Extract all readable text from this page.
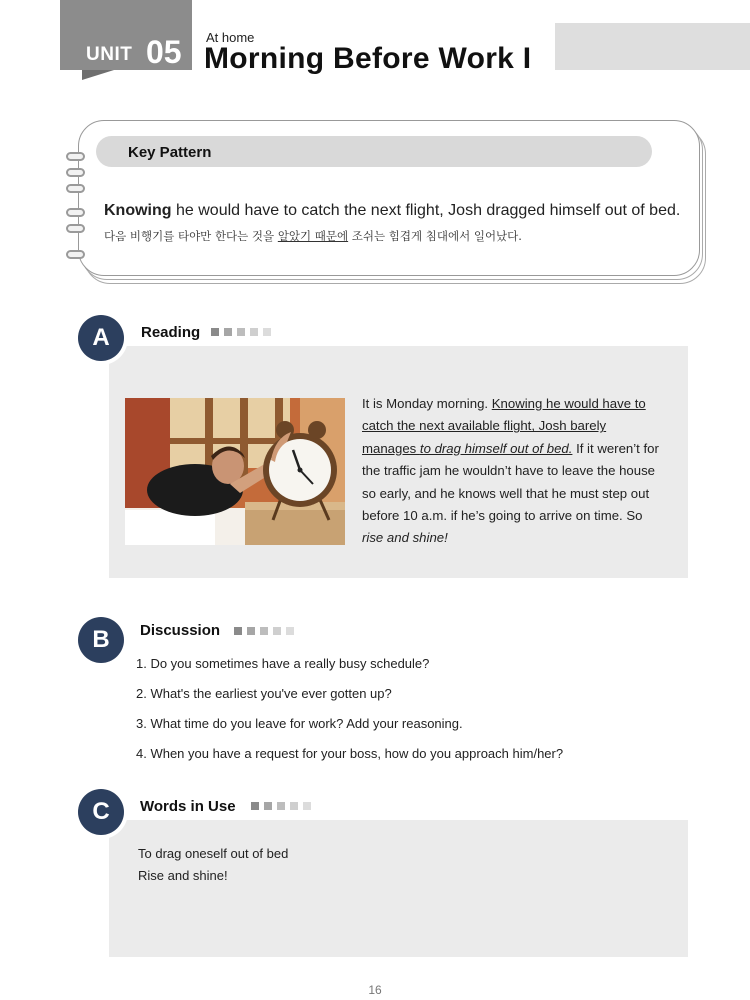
UNIT 05 At home
Morning Before Work I
Key Pattern
Knowing he would have to catch the next flight, Josh dragged himself out of bed.
다음 비행기를 타야만 한다는 것을 알았기 때문에 조쉬는 힘겹게 침대에서 일어났다.
A	Reading
It is Monday morning. Knowing he would have to catch the next available flight, Josh barely manages to drag himself out of bed. If it weren’t for the traffic jam he wouldn’t have to leave the house so early, and he knows well that he must step out before 10 a.m. if he’s going to arrive on time. So rise and shine!
B	Discussion
1. Do you sometimes have a really busy schedule?
2. What's the earliest you've ever gotten up?
3. What time do you leave for work? Add your reasoning.
4. When you have a request for your boss, how do you approach him/her?
C	Words in Use
To drag oneself out of bed
Rise and shine!
16
